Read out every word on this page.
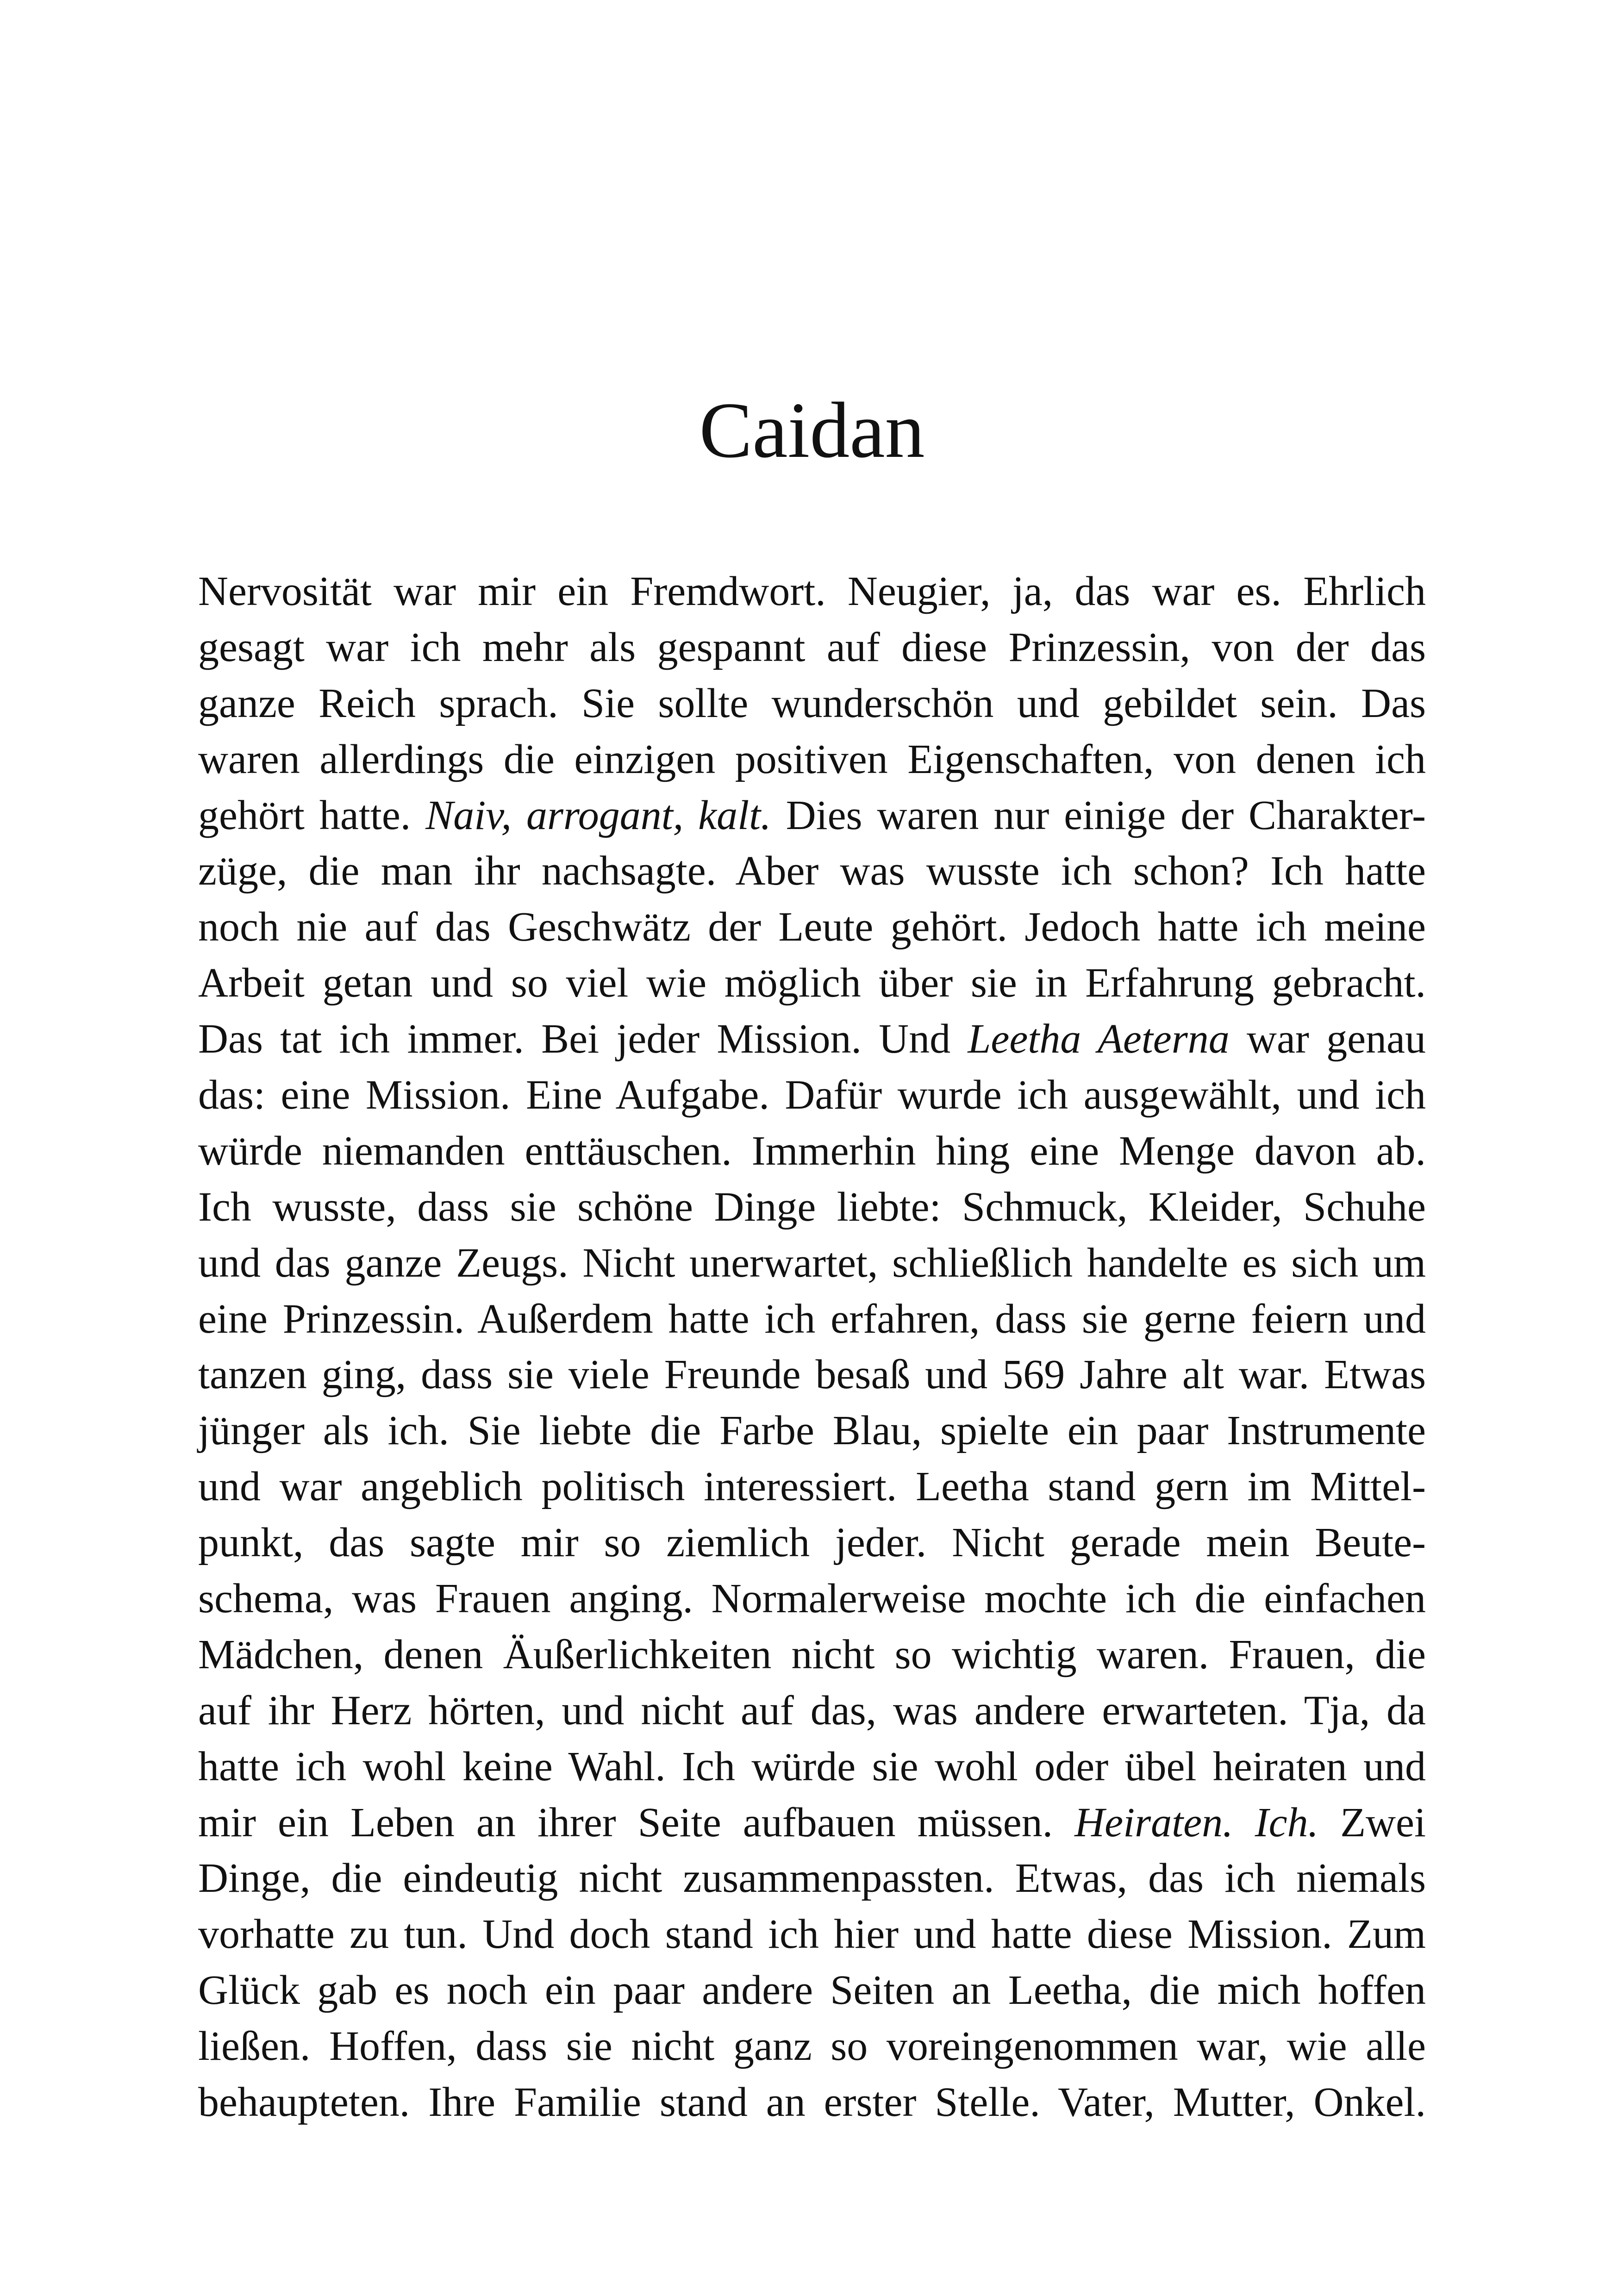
Caidan
Nervosität war mir ein Fremdwort. Neugier, ja, das war es. Ehrlich
gesagt war ich mehr als gespannt auf diese Prinzessin, von der das
ganze Reich sprach. Sie sollte wunderschön und gebildet sein. Das
waren allerdings die einzigen positiven Eigenschaften, von denen ich
gehört hatte. Naiv, arrogant, kalt. Dies waren nur einige der Charakter-
züge, die man ihr nachsagte. Aber was wusste ich schon? Ich hatte
noch nie auf das Geschwätz der Leute gehört. Jedoch hatte ich meine
Arbeit getan und so viel wie möglich über sie in Erfahrung gebracht.
Das tat ich immer. Bei jeder Mission. Und Leetha Aeterna war genau
das: eine Mission. Eine Aufgabe. Dafür wurde ich ausgewählt, und ich
würde niemanden enttäuschen. Immerhin hing eine Menge davon ab.
Ich wusste, dass sie schöne Dinge liebte: Schmuck, Kleider, Schuhe
und das ganze Zeugs. Nicht unerwartet, schließlich handelte es sich um
eine Prinzessin. Außerdem hatte ich erfahren, dass sie gerne feiern und
tanzen ging, dass sie viele Freunde besaß und 569 Jahre alt war. Etwas
jünger als ich. Sie liebte die Farbe Blau, spielte ein paar Instrumente
und war angeblich politisch interessiert. Leetha stand gern im Mittel-
punkt, das sagte mir so ziemlich jeder. Nicht gerade mein Beute-
schema, was Frauen anging. Normalerweise mochte ich die einfachen
Mädchen, denen Äußerlichkeiten nicht so wichtig waren. Frauen, die
auf ihr Herz hörten, und nicht auf das, was andere erwarteten. Tja, da
hatte ich wohl keine Wahl. Ich würde sie wohl oder übel heiraten und
mir ein Leben an ihrer Seite aufbauen müssen. Heiraten. Ich. Zwei
Dinge, die eindeutig nicht zusammenpassten. Etwas, das ich niemals
vorhatte zu tun. Und doch stand ich hier und hatte diese Mission. Zum
Glück gab es noch ein paar andere Seiten an Leetha, die mich hoffen
ließen. Hoffen, dass sie nicht ganz so voreingenommen war, wie alle
behaupteten. Ihre Familie stand an erster Stelle. Vater, Mutter, Onkel.
